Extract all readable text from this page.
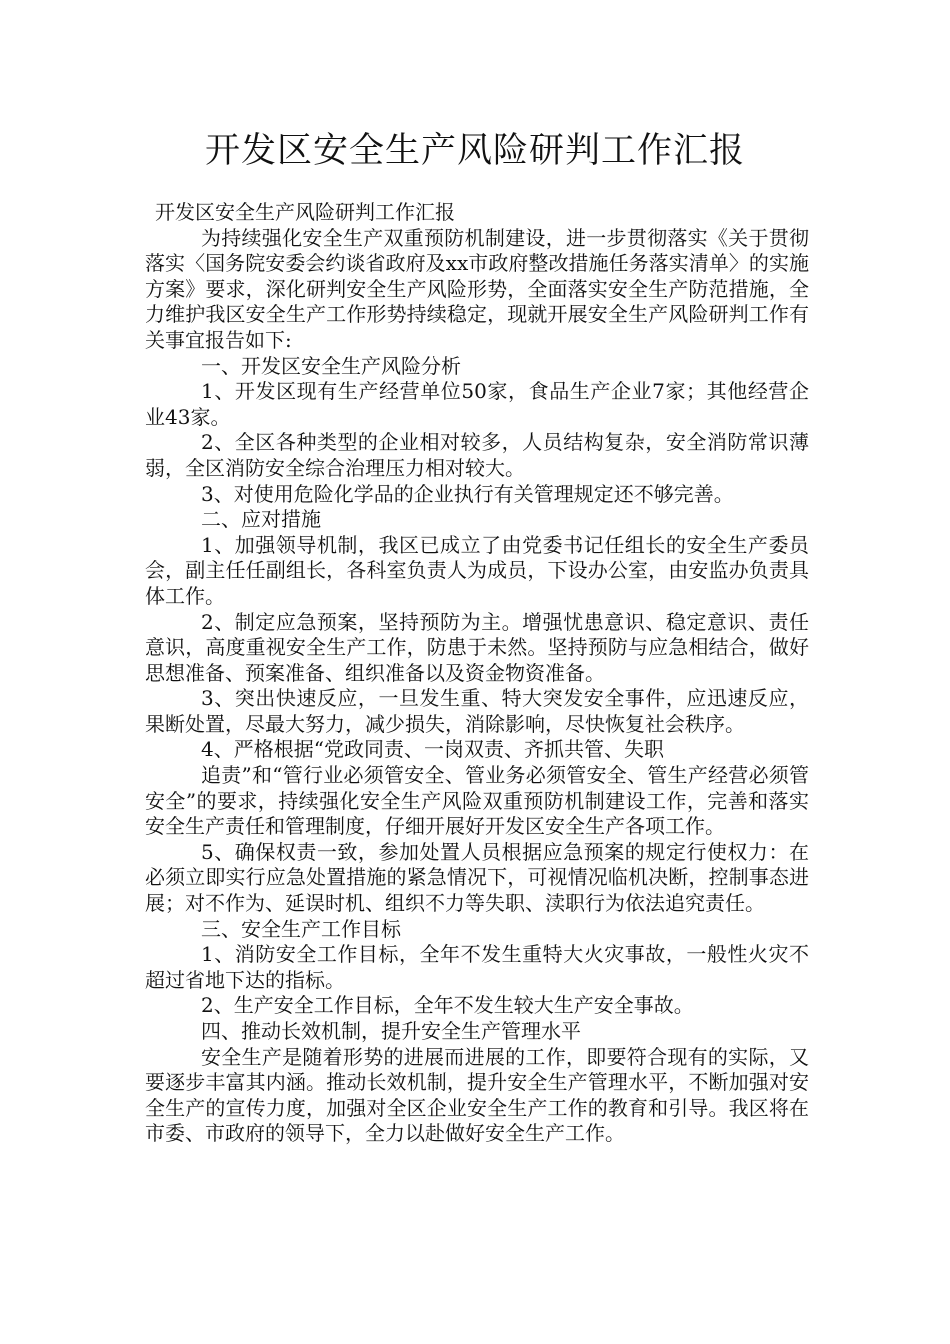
开发区安全生产风险研判工作汇报

开发区安全生产风险研判工作汇报

为持续强化安全生产双重预防机制建设，进一步贯彻落实《关于贯彻落实〈国务院安委会约谈省政府及xx市政府整改措施任务落实清单〉的实施方案》要求，深化研判安全生产风险形势，全面落实安全生产防范措施，全力维护我区安全生产工作形势持续稳定，现就开展安全生产风险研判工作有关事宜报告如下:

一、开发区安全生产风险分析

1、开发区现有生产经营单位50家，食品生产企业7家；其他经营企业43家。

2、全区各种类型的企业相对较多，人员结构复杂，安全消防常识薄弱，全区消防安全综合治理压力相对较大。

3、对使用危险化学品的企业执行有关管理规定还不够完善。

二、应对措施

1、加强领导机制，我区已成立了由党委书记任组长的安全生产委员会，副主任任副组长，各科室负责人为成员，下设办公室，由安监办负责具体工作。

2、制定应急预案，坚持预防为主。增强忧患意识、稳定意识、责任意识，高度重视安全生产工作，防患于未然。坚持预防与应急相结合，做好思想准备、预案准备、组织准备以及资金物资准备。

3、突出快速反应，一旦发生重、特大突发安全事件，应迅速反应，果断处置，尽最大努力，减少损失，消除影响，尽快恢复社会秩序。

4、严格根据“党政同责、一岗双责、齐抓共管、失职

追责”和“管行业必须管安全、管业务必须管安全、管生产经营必须管安全”的要求，持续强化安全生产风险双重预防机制建设工作，完善和落实安全生产责任和管理制度，仔细开展好开发区安全生产各项工作。

5、确保权责一致，参加处置人员根据应急预案的规定行使权力：在必须立即实行应急处置措施的紧急情况下，可视情况临机决断，控制事态进展；对不作为、延误时机、组织不力等失职、渎职行为依法追究责任。

三、安全生产工作目标

1、消防安全工作目标，全年不发生重特大火灾事故，一般性火灾不超过省地下达的指标。

2、生产安全工作目标，全年不发生较大生产安全事故。

四、推动长效机制，提升安全生产管理水平

安全生产是随着形势的进展而进展的工作，即要符合现有的实际，又要逐步丰富其内涵。推动长效机制，提升安全生产管理水平，不断加强对安全生产的宣传力度，加强对全区企业安全生产工作的教育和引导。我区将在市委、市政府的领导下，全力以赴做好安全生产工作。
